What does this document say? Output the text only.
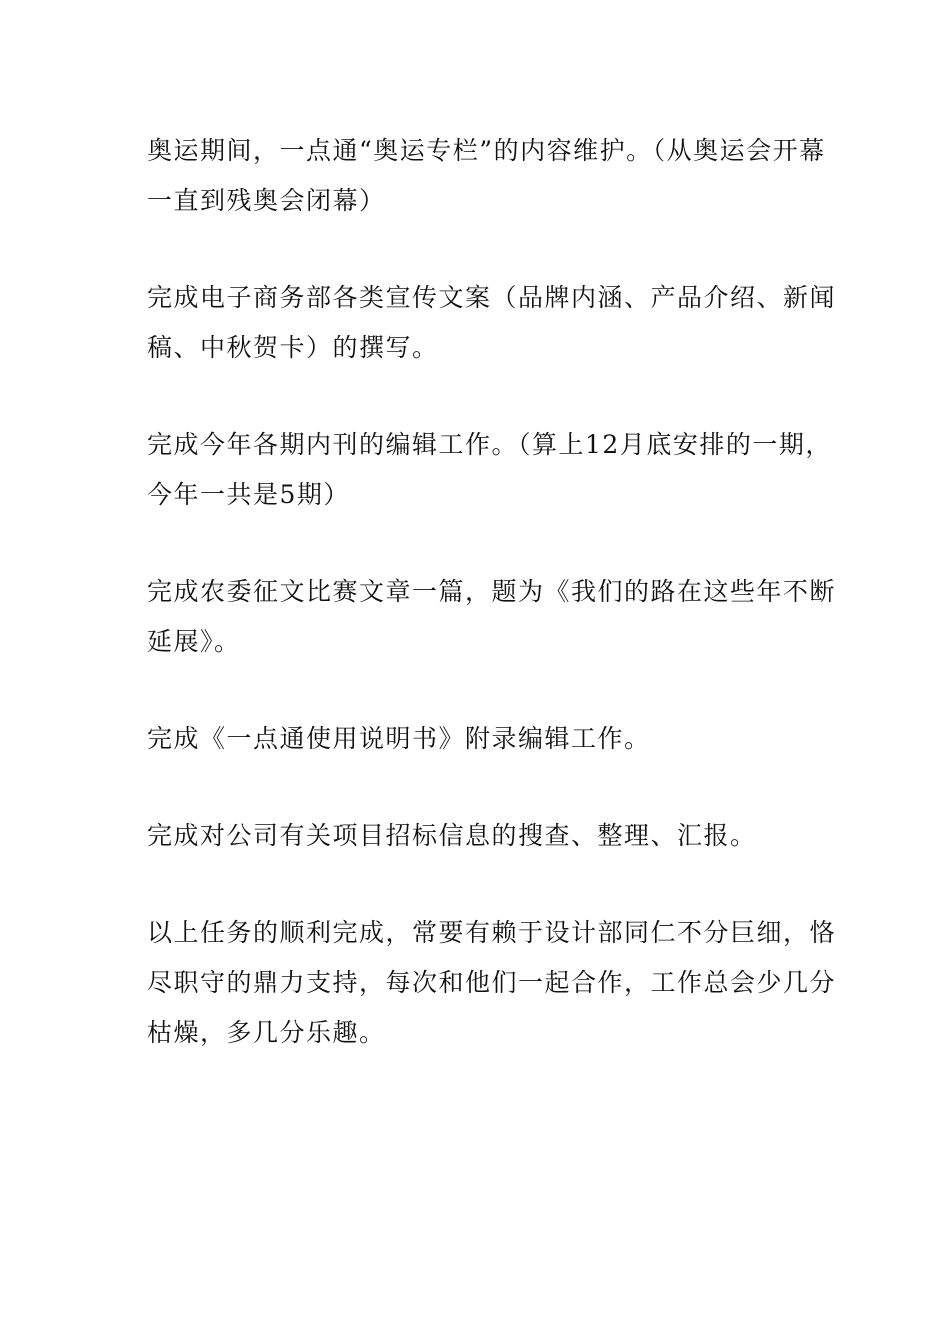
奥运期间，一点通“奥运专栏”的内容维护。（从奥运会开幕一直到残奥会闭幕）

完成电子商务部各类宣传文案（品牌内涵、产品介绍、新闻稿、中秋贺卡）的撰写。

完成今年各期内刊的编辑工作。（算上12月底安排的一期，今年一共是5期）

完成农委征文比赛文章一篇，题为《我们的路在这些年不断延展》。

完成《一点通使用说明书》附录编辑工作。

完成对公司有关项目招标信息的搜查、整理、汇报。

以上任务的顺利完成，常要有赖于设计部同仁不分巨细，恪尽职守的鼎力支持，每次和他们一起合作，工作总会少几分枯燥，多几分乐趣。
